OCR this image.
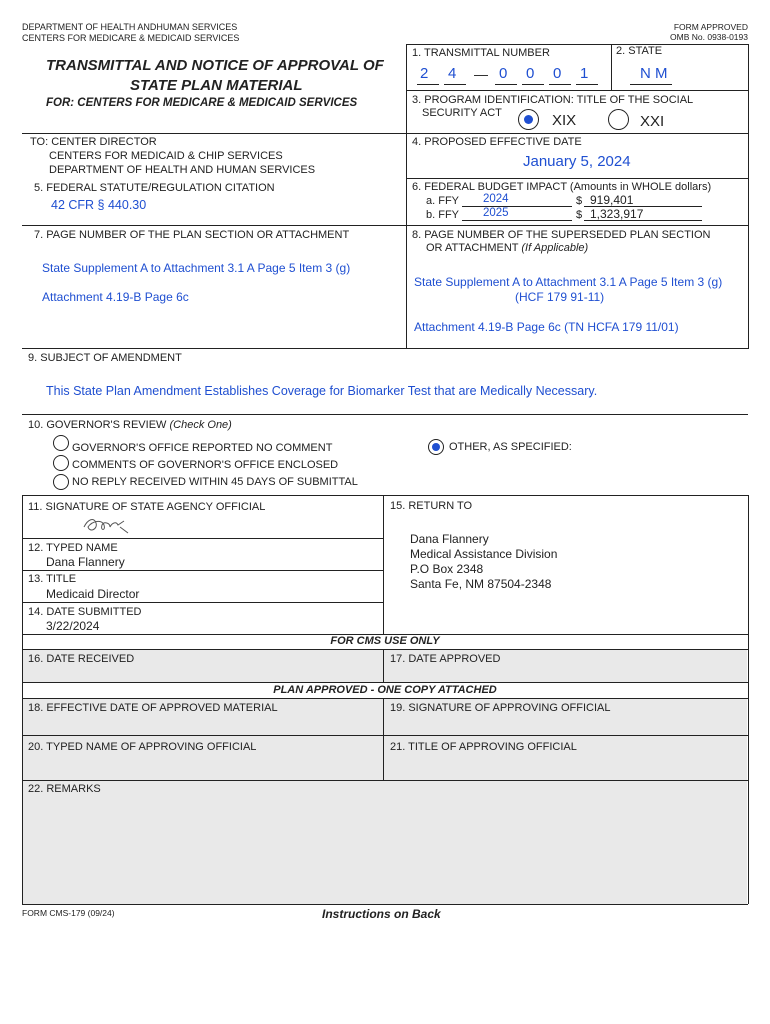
DEPARTMENT OF HEALTH ANDHUMAN SERVICES
CENTERS FOR MEDICARE & MEDICAID SERVICES
FORM APPROVED
OMB No. 0938-0193
TRANSMITTAL AND NOTICE OF APPROVAL OF
STATE PLAN MATERIAL
FOR: CENTERS FOR MEDICARE & MEDICAID SERVICES
1. TRANSMITTAL NUMBER
2 4 — 0 0 0 1
2. STATE
N M
3. PROGRAM IDENTIFICATION: TITLE OF THE SOCIAL
SECURITY ACT	XIX	XXI
TO: CENTER DIRECTOR
CENTERS FOR MEDICAID & CHIP SERVICES
DEPARTMENT OF HEALTH AND HUMAN SERVICES
4. PROPOSED EFFECTIVE DATE
January 5, 2024
5. FEDERAL STATUTE/REGULATION CITATION
42 CFR § 440.30
6. FEDERAL BUDGET IMPACT (Amounts in WHOLE dollars)
a. FFY 2024	$ 919,401
b. FFY 2025	$ 1,323,917
7. PAGE NUMBER OF THE PLAN SECTION OR ATTACHMENT
State Supplement A to Attachment 3.1 A Page 5 Item 3 (g)
Attachment 4.19-B Page 6c
8. PAGE NUMBER OF THE SUPERSEDED PLAN SECTION
OR ATTACHMENT (If Applicable)
State Supplement A to Attachment 3.1 A Page 5 Item 3 (g)
(HCF 179 91-11)
Attachment 4.19-B Page 6c (TN HCFA 179 11/01)
9. SUBJECT OF AMENDMENT
This State Plan Amendment Establishes Coverage for Biomarker Test that are Medically Necessary.
10. GOVERNOR'S REVIEW (Check One)
GOVERNOR'S OFFICE REPORTED NO COMMENT
COMMENTS OF GOVERNOR'S OFFICE ENCLOSED
NO REPLY RECEIVED WITHIN 45 DAYS OF SUBMITTAL
OTHER, AS SPECIFIED:
11. SIGNATURE OF STATE AGENCY OFFICIAL	15. RETURN TO
Dana Flannery
Medical Assistance Division
P.O Box 2348
Santa Fe, NM 87504-2348
12. TYPED NAME
Dana Flannery
13. TITLE
Medicaid Director
14. DATE SUBMITTED
3/22/2024
FOR CMS USE ONLY
16. DATE RECEIVED	17. DATE APPROVED
PLAN APPROVED - ONE COPY ATTACHED
18. EFFECTIVE DATE OF APPROVED MATERIAL	19. SIGNATURE OF APPROVING OFFICIAL
20. TYPED NAME OF APPROVING OFFICIAL	21. TITLE OF APPROVING OFFICIAL
22. REMARKS
FORM CMS-179 (09/24)	Instructions on Back
